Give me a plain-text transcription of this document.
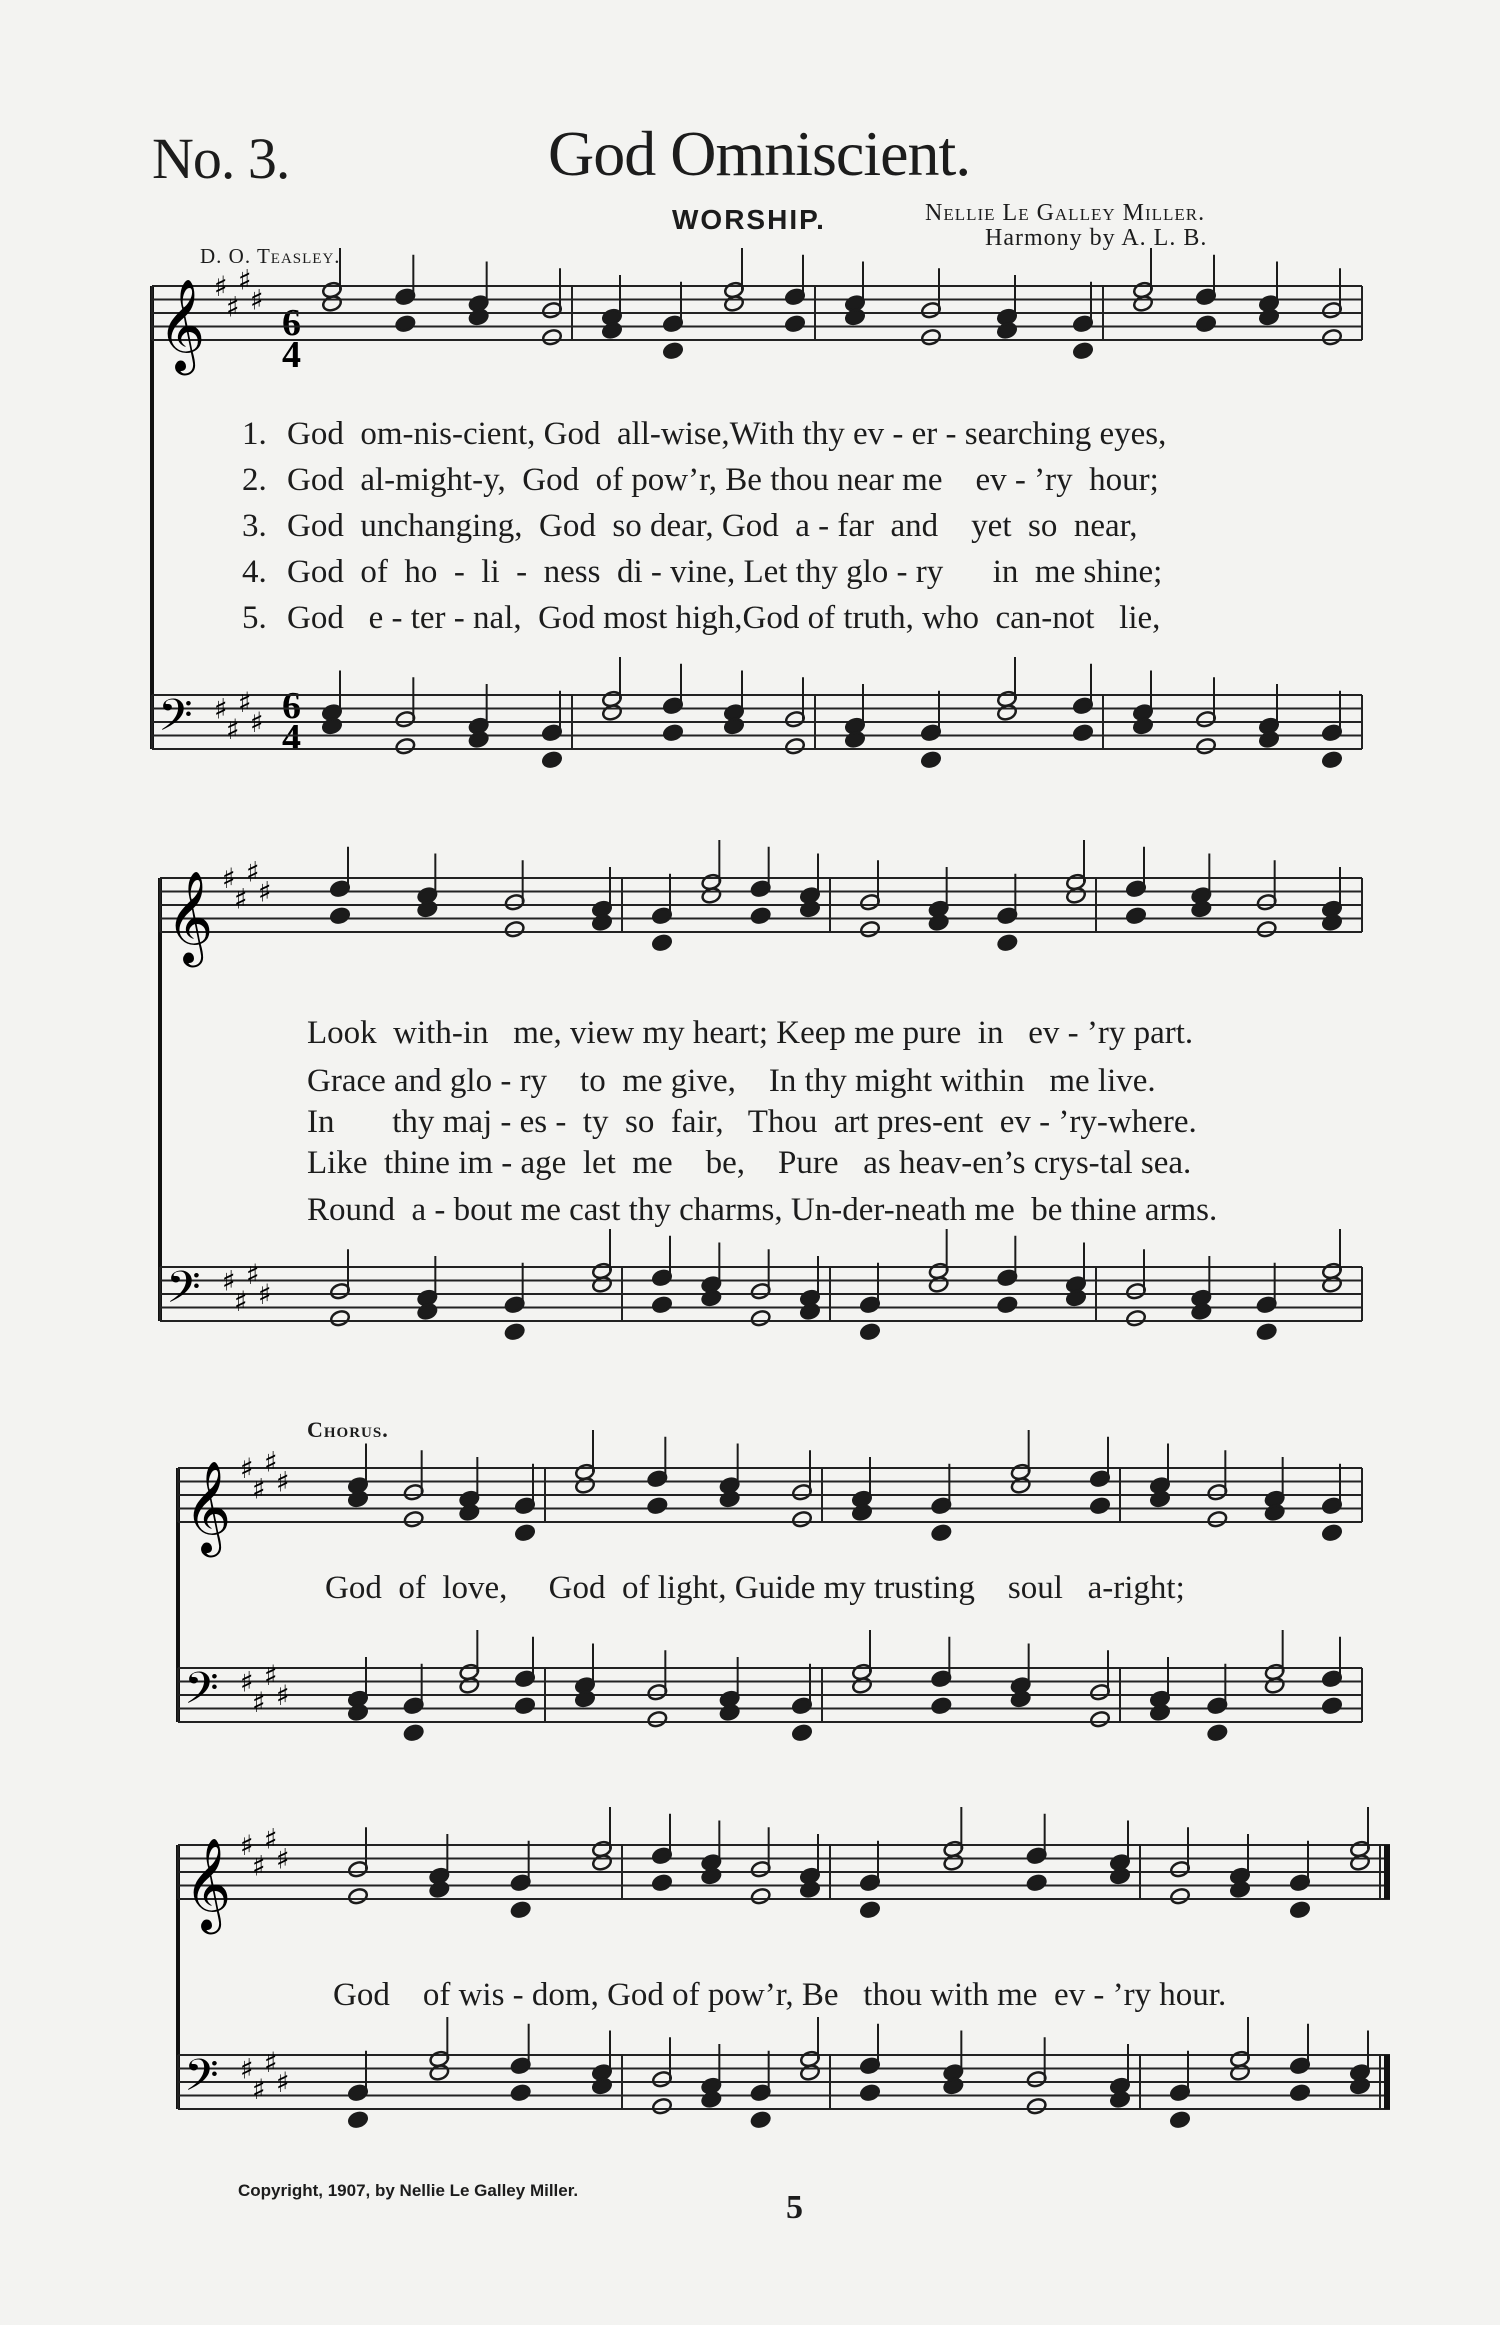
No. 3.	God Omniscient.
WORSHIP.	Nellie Le Galley Miller.
Harmony by A. L. B.
D. O. Teasley.
6
4
6
4
𝄞 ♯
♯
♯
♯
𝄢 ♯
♯
♯
♯
𝄞 ♯
♯
♯
♯
𝄢 ♯
♯
♯
♯
𝄞 ♯
♯
♯
♯
𝄢 ♯
♯
♯
♯
𝄞 ♯
♯
♯
♯
𝄢 ♯
♯
♯
♯
1. God  om-nis-cient, God  all-wise,With thy ev - er - searching eyes,
2. God  al-might-y,  God  of pow’r, Be thou near me    ev - ’ry  hour;
3. God  unchanging,  God  so dear, God  a - far  and    yet  so  near,
4. God  of  ho  -  li  -  ness  di - vine, Let thy glo - ry      in  me shine;
5. God   e - ter - nal,  God most high,God of truth, who  can-not   lie,
Look  with-in   me, view my heart; Keep me pure  in   ev - ’ry part.
Grace and glo - ry    to  me give,    In thy might within   me live.
In       thy maj - es -  ty  so  fair,   Thou  art pres-ent  ev - ’ry-where.
Like  thine im - age  let  me    be,    Pure   as heav-en’s crys-tal sea.
Round  a - bout me cast thy charms, Un-der-neath me  be thine arms.
Chorus.
God  of  love,     God  of light, Guide my trusting    soul   a-right;
God    of wis - dom, God of pow’r, Be   thou with me  ev - ’ry hour.
Copyright, 1907, by Nellie Le Galley Miller.	5
